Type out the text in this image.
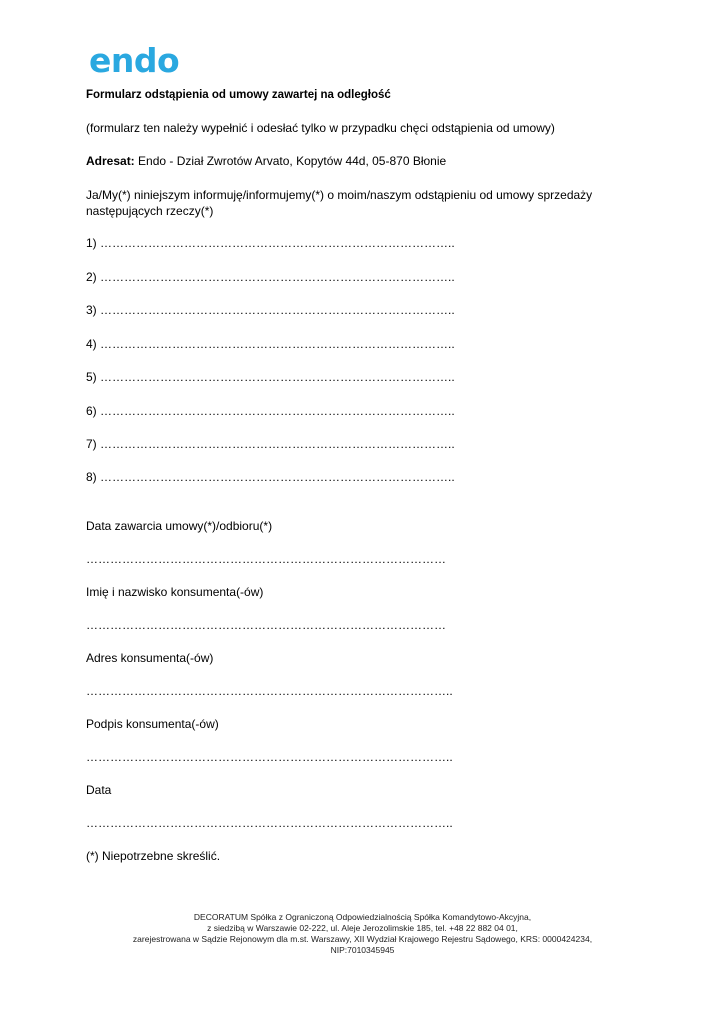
endo
Formularz odstąpienia od umowy zawartej na odległość
(formularz ten należy wypełnić i odesłać tylko w przypadku chęci odstąpienia od umowy)
Adresat: Endo - Dział Zwrotów Arvato, Kopytów 44d, 05-870 Błonie
Ja/My(*) niniejszym informuję/informujemy(*) o moim/naszym odstąpieniu od umowy sprzedaży następujących rzeczy(*)
1) ……………………………………………………………………………..
2) ……………………………………………………………………………..
3) ……………………………………………………………………………..
4) ……………………………………………………………………………..
5) ……………………………………………………………………………..
6) ……………………………………………………………………………..
7) ……………………………………………………………………………..
8) ……………………………………………………………………………..
Data zawarcia umowy(*)/odbioru(*)
………………………………………………………………………………
Imię i nazwisko konsumenta(-ów)
………………………………………………………………………………
Adres konsumenta(-ów)
………………………………………………………………………………..
Podpis konsumenta(-ów)
………………………………………………………………………………..
Data
………………………………………………………………………………..
(*) Niepotrzebne skreślić.
DECORATUM Spółka z Ograniczoną Odpowiedzialnością Spółka Komandytowo-Akcyjna,
z siedzibą w Warszawie 02-222, ul. Aleje Jerozolimskie 185, tel. +48 22 882 04 01,
zarejestrowana w Sądzie Rejonowym dla m.st. Warszawy, XII Wydział Krajowego Rejestru Sądowego, KRS: 0000424234,
NIP:7010345945
